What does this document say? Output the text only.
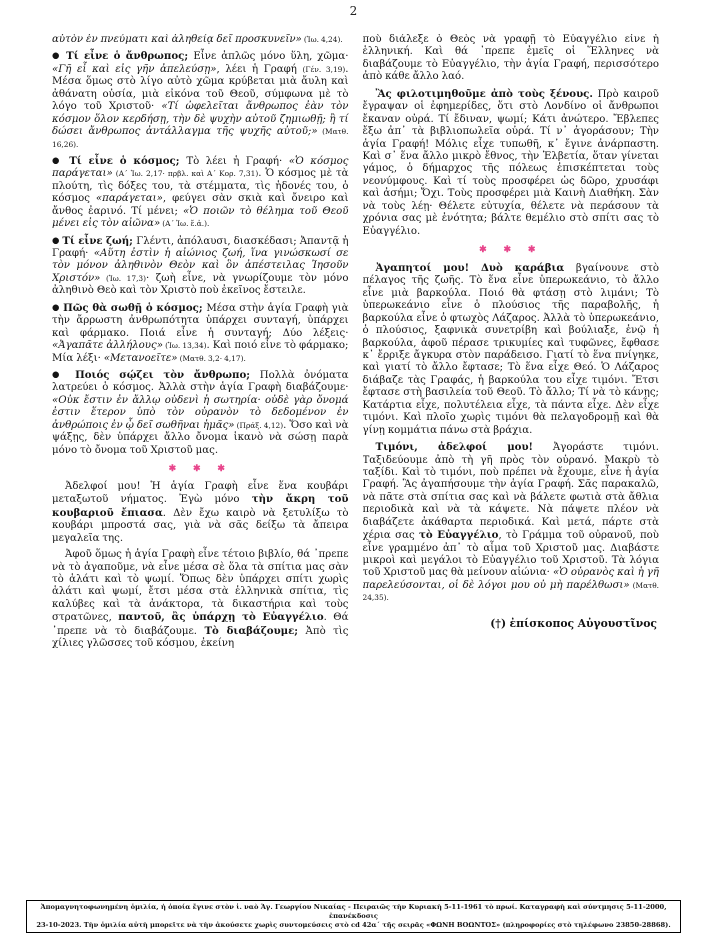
2

αὐτὸν ἐν πνεύματι καὶ ἀληθείᾳ δεῖ προσκυνεῖν» (Ἰω. 4,24).

● Τί εἶνε ὁ ἄνθρωπος; Εἶνε ἁπλῶς μόνο ὕλη, χῶμα· «Γῆ εἶ καὶ εἰς γῆν ἀπελεύσῃ», λέει ἡ Γραφή (Γέν. 3,19). Μέσα ὅμως στὸ λίγο αὐτὸ χῶμα κρύβεται μιὰ ἄυλη καὶ ἀθάνατη οὐσία, μιὰ εἰκόνα τοῦ Θεοῦ, σύμφωνα μὲ τὸ λόγο τοῦ Χριστοῦ· «Τί ὠφελεῖται ἄνθρωπος ἐὰν τὸν κόσμον ὅλον κερδήσῃ, τὴν δὲ ψυχὴν αὐτοῦ ζημιωθῇ; ἢ τί δώσει ἄνθρωπος ἀντάλλαγμα τῆς ψυχῆς αὐτοῦ;» (Ματθ. 16,26).

● Τί εἶνε ὁ κόσμος; Τὸ λέει ἡ Γραφή· «Ὁ κόσμος παράγεται» (Α΄ Ἰω. 2,17· πρβλ. καὶ Α΄ Κορ. 7,31). Ὁ κόσμος μὲ τὰ πλούτη, τὶς δόξες του, τὰ στέμματα, τὶς ἡδονές του, ὁ κόσμος «παράγεται», φεύγει σὰν σκιὰ καὶ ὄνειρο καὶ ἄνθος ἐαρινό. Τί μένει; «Ὁ ποιῶν τὸ θέλημα τοῦ Θεοῦ μένει εἰς τὸν αἰῶνα» (Α΄ Ἰω. ἔ.ἀ.).

● Τί εἶνε ζωή; Γλέντι, ἀπόλαυσι, διασκέδασι; Ἀπαντᾷ ἡ Γραφή· «Αὕτη ἐστὶν ἡ αἰώνιος ζωή, ἵνα γινώσκωσί σε τὸν μόνον ἀληθινὸν Θεὸν καὶ ὃν ἀπέστειλας Ἰησοῦν Χριστόν» (Ἰω. 17,3)· ζωὴ εἶνε, νὰ γνωρίζουμε τὸν μόνο ἀληθινὸ Θεὸ καὶ τὸν Χριστὸ ποὺ ἐκεῖνος ἔστειλε.

● Πῶς θὰ σωθῇ ὁ κόσμος; Μέσα στὴν ἁγία Γραφὴ γιὰ τὴν ἄρρωστη ἀνθρωπότητα ὑπάρχει συνταγή, ὑπάρχει καὶ φάρμακο. Ποιά εἶνε ἡ συνταγή; Δύο λέξεις· «Ἀγαπᾶτε ἀλλήλους» (Ἰω. 13,34). Καὶ ποιό εἶνε τὸ φάρμακο; Μία λέξι· «Μετανοεῖτε» (Ματθ. 3,2· 4,17).

● Ποιός σῴζει τὸν ἄνθρωπο; Πολλὰ ὀνόματα λατρεύει ὁ κόσμος. Ἀλλὰ στὴν ἁγία Γραφὴ διαβάζουμε· «Οὐκ ἔστιν ἐν ἄλλῳ οὐδενὶ ἡ σωτηρία· οὐδὲ γὰρ ὄνομά ἐστιν ἕτερον ὑπὸ τὸν οὐρανὸν τὸ δεδομένον ἐν ἀνθρώποις ἐν ᾧ δεῖ σωθῆναι ἡμᾶς» (Πράξ. 4,12). Ὅσο καὶ νὰ ψάξῃς, δὲν ὑπάρχει ἄλλο ὄνομα ἱκανὸ νὰ σώσῃ παρὰ μόνο τὸ ὄνομα τοῦ Χριστοῦ μας.

✱ ✱ ✱

Ἀδελφοί μου! Ἡ ἁγία Γραφὴ εἶνε ἕνα κουβάρι μεταξωτοῦ νήματος. Ἐγὼ μόνο τὴν ἄκρη τοῦ κουβαριοῦ ἔπιασα. Δὲν ἔχω καιρὸ νὰ ξετυλίξω τὸ κουβάρι μπροστά σας, γιὰ νὰ σᾶς δείξω τὰ ἄπειρα μεγαλεῖα της.

Ἀφοῦ ὅμως ἡ ἁγία Γραφὴ εἶνε τέτοιο βιβλίο, θά ᾽πρεπε νὰ τὸ ἀγαποῦμε, νὰ εἶνε μέσα σὲ ὅλα τὰ σπίτια μας σὰν τὸ ἁλάτι καὶ τὸ ψωμί. Ὅπως δὲν ὑπάρχει σπίτι χωρὶς ἁλάτι καὶ ψωμί, ἔτσι μέσα στὰ ἑλληνικὰ σπίτια, τὶς καλύβες καὶ τὰ ἀνάκτορα, τὰ δικαστήρια καὶ τοὺς στρατῶνες, παντοῦ, ἂς ὑπάρχῃ τὸ Εὐαγγέλιο. Θά ᾽πρεπε νὰ τὸ διαβάζουμε. Τὸ διαβάζουμε; Ἀπὸ τὶς χίλιες γλῶσσες τοῦ κόσμου, ἐκείνη

ποὺ διάλεξε ὁ Θεὸς νὰ γραφῇ τὸ Εὐαγγέλιο εἶνε ἡ ἑλληνική. Καὶ θά ᾽πρεπε ἐμεῖς οἱ Ἕλληνες νὰ διαβάζουμε τὸ Εὐαγγέλιο, τὴν ἁγία Γραφή, περισσότερο ἀπὸ κάθε ἄλλο λαό.

Ἂς φιλοτιμηθοῦμε ἀπὸ τοὺς ξένους. Πρὸ καιροῦ ἔγραψαν οἱ ἐφημερίδες, ὅτι στὸ Λονδίνο οἱ ἄνθρωποι ἔκαναν οὐρά. Τί ἔδιναν, ψωμί; Κάτι ἀνώτερο. Ἔβλεπες ἔξω ἀπ᾽ τὰ βιβλιοπωλεῖα οὐρά. Τί ν᾽ ἀγοράσουν; Τὴν ἁγία Γραφή! Μόλις εἶχε τυπωθῆ, κ᾽ ἔγινε ἀνάρπαστη. Καὶ σ᾽ ἕνα ἄλλο μικρὸ ἔθνος, τὴν Ἑλβετία, ὅταν γίνεται γάμος, ὁ δήμαρχος τῆς πόλεως ἐπισκέπτεται τοὺς νεονύμφους. Καὶ τί τοὺς προσφέρει ὡς δῶρο, χρυσάφι καὶ ἀσήμι; Ὄχι. Τοὺς προσφέρει μιὰ Καινὴ Διαθήκη. Σὰν νὰ τοὺς λέῃ· Θέλετε εὐτυχία, θέλετε νὰ περάσουν τὰ χρόνια σας μὲ ἑνότητα; βάλτε θεμέλιο στὸ σπίτι σας τὸ Εὐαγγέλιο.

✱ ✱ ✱

Ἀγαπητοί μου! Δυὸ καράβια βγαίνουνε στὸ πέλαγος τῆς ζωῆς. Τὸ ἕνα εἶνε ὑπερωκεάνιο, τὸ ἄλλο εἶνε μιὰ βαρκούλα. Ποιό θὰ φτάσῃ στὸ λιμάνι; Τὸ ὑπερωκεάνιο εἶνε ὁ πλούσιος τῆς παραβολῆς, ἡ βαρκούλα εἶνε ὁ φτωχὸς Λάζαρος. Ἀλλὰ τὸ ὑπερωκεάνιο, ὁ πλούσιος, ξαφνικὰ συνετρίβη καὶ βούλιαξε, ἐνῷ ἡ βαρκούλα, ἀφοῦ πέρασε τρικυμίες καὶ τυφῶνες, ἔφθασε κ᾽ ἔρριξε ἄγκυρα στὸν παράδεισο. Γιατί τὸ ἕνα πνίγηκε, καὶ γιατί τὸ ἄλλο ἔφτασε; Τὸ ἕνα εἶχε Θεό. Ὁ Λάζαρος διάβαζε τὰς Γραφάς, ἡ βαρκούλα του εἶχε τιμόνι. Ἔτσι ἔφτασε στὴ βασιλεία τοῦ Θεοῦ. Τὸ ἄλλο; Τί νὰ τὸ κάνῃς; Κατάρτια εἶχε, πολυτέλεια εἶχε, τὰ πάντα εἶχε. Δὲν εἶχε τιμόνι. Καὶ πλοῖο χωρὶς τιμόνι θὰ πελαγοδρομῇ καὶ θὰ γίνῃ κομμάτια πάνω στὰ βράχια.

Τιμόνι, ἀδελφοί μου! Ἀγοράστε τιμόνι. Ταξιδεύουμε ἀπὸ τὴ γῆ πρὸς τὸν οὐρανό. Μακρὺ τὸ ταξίδι. Καὶ τὸ τιμόνι, ποὺ πρέπει νὰ ἔχουμε, εἶνε ἡ ἁγία Γραφή. Ἂς ἀγαπήσουμε τὴν ἁγία Γραφή. Σᾶς παρακαλῶ, νὰ πᾶτε στὰ σπίτια σας καὶ νὰ βάλετε φωτιὰ στὰ ἄθλια περιοδικὰ καὶ νὰ τὰ κάψετε. Νὰ πάψετε πλέον νὰ διαβάζετε ἀκάθαρτα περιοδικά. Καὶ μετά, πάρτε στὰ χέρια σας τὸ Εὐαγγέλιο, τὸ Γράμμα τοῦ οὐρανοῦ, ποὺ εἶνε γραμμένο ἀπ᾽ τὸ αἷμα τοῦ Χριστοῦ μας. Διαβάστε μικροὶ καὶ μεγάλοι τὸ Εὐαγγέλιο τοῦ Χριστοῦ. Τὰ λόγια τοῦ Χριστοῦ μας θὰ μείνουν αἰώνια· «Ὁ οὐρανὸς καὶ ἡ γῆ παρελεύσονται, οἱ δὲ λόγοι μου οὐ μὴ παρέλθωσι» (Ματθ. 24,35).

(†) ἐπίσκοπος Αὐγουστῖνος
Ἀπομαγνητοφωνημένη ὁμιλία, ἡ ὁποία ἔγινε στὸν ἱ. ναὸ Ἁγ. Γεωργίου Νικαίας - Πειραιῶς τὴν Κυριακὴ 5-11-1961 τὸ πρωί. Καταγραφὴ καὶ σύντμησις 5-11-2000, ἐπανέκδοσις
23-10-2023. Τὴν ὁμιλία αὐτὴ μπορεῖτε νὰ τὴν ἀκούσετε χωρὶς συντομεύσεις στὸ cd 42α΄ τῆς σειρᾶς «ΦΩΝΗ ΒΟΩΝΤΟΣ» (πληροφορίες στὸ τηλέφωνο 23850-28868).
